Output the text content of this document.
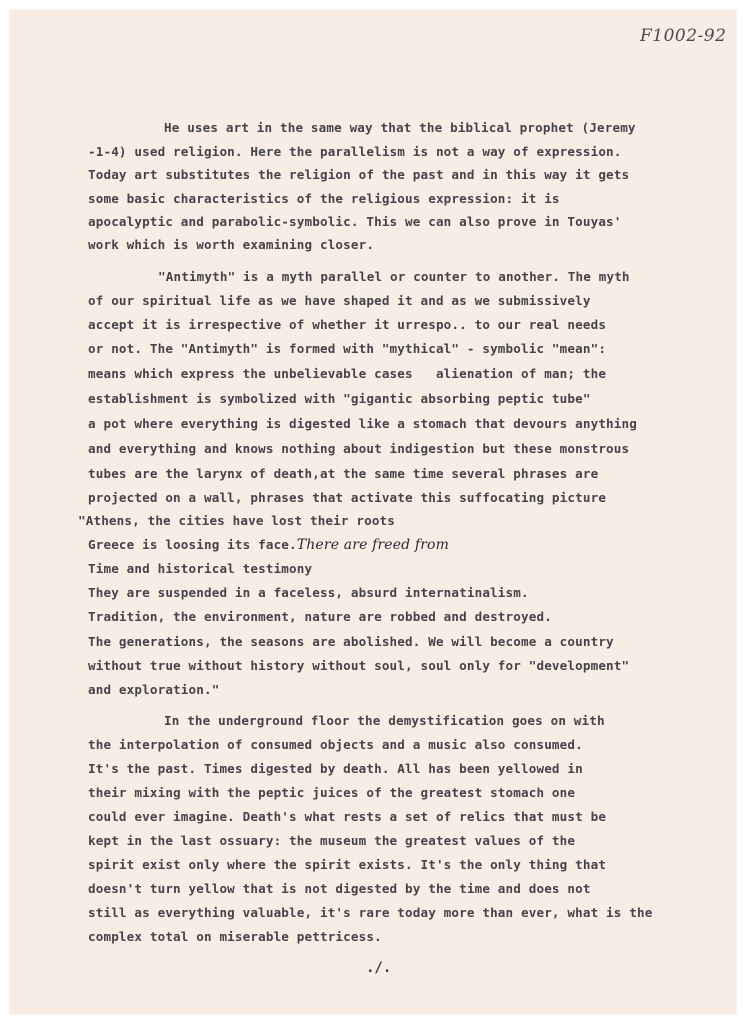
F1002-92
He uses art in the same way that the biblical prophet (Jeremy
-1-4) used religion. Here the parallelism is not a way of expression.
Today art substitutes the religion of the past and in this way it gets
some basic characteristics of the religious expression: it is
apocalyptic and parabolic-symbolic. This we can also prove in Touyas'
work which is worth examining closer.
"Antimyth" is a myth parallel or counter to another. The myth
of our spiritual life as we have shaped it and as we submissively
accept it is irrespective of whether it urrespo.. to our real needs
or not. The "Antimyth" is formed with "mythical" - symbolic "mean":
means which express the unbelievable cases   alienation of man; the
establishment is symbolized with "gigantic absorbing peptic tube"
a pot where everything is digested like a stomach that devours anything
and everything and knows nothing about indigestion but these monstrous
tubes are the larynx of death,at the same time several phrases are
projected on a wall, phrases that activate this suffocating picture
"Athens, the cities have lost their roots
Greece is loosing its face.There are freed from
Time and historical testimony
They are suspended in a faceless, absurd internatinalism.
Tradition, the environment, nature are robbed and destroyed.
The generations, the seasons are abolished. We will become a country
without true without history without soul, soul only for "development"
and exploration."
In the underground floor the demystification goes on with
the interpolation of consumed objects and a music also consumed.
It's the past. Times digested by death. All has been yellowed in
their mixing with the peptic juices of the greatest stomach one
could ever imagine. Death's what rests a set of relics that must be
kept in the last ossuary: the museum the greatest values of the
spirit exist only where the spirit exists. It's the only thing that
doesn't turn yellow that is not digested by the time and does not
still as everything valuable, it's rare today more than ever, what is the
complex total on miserable pettricess.
./.
